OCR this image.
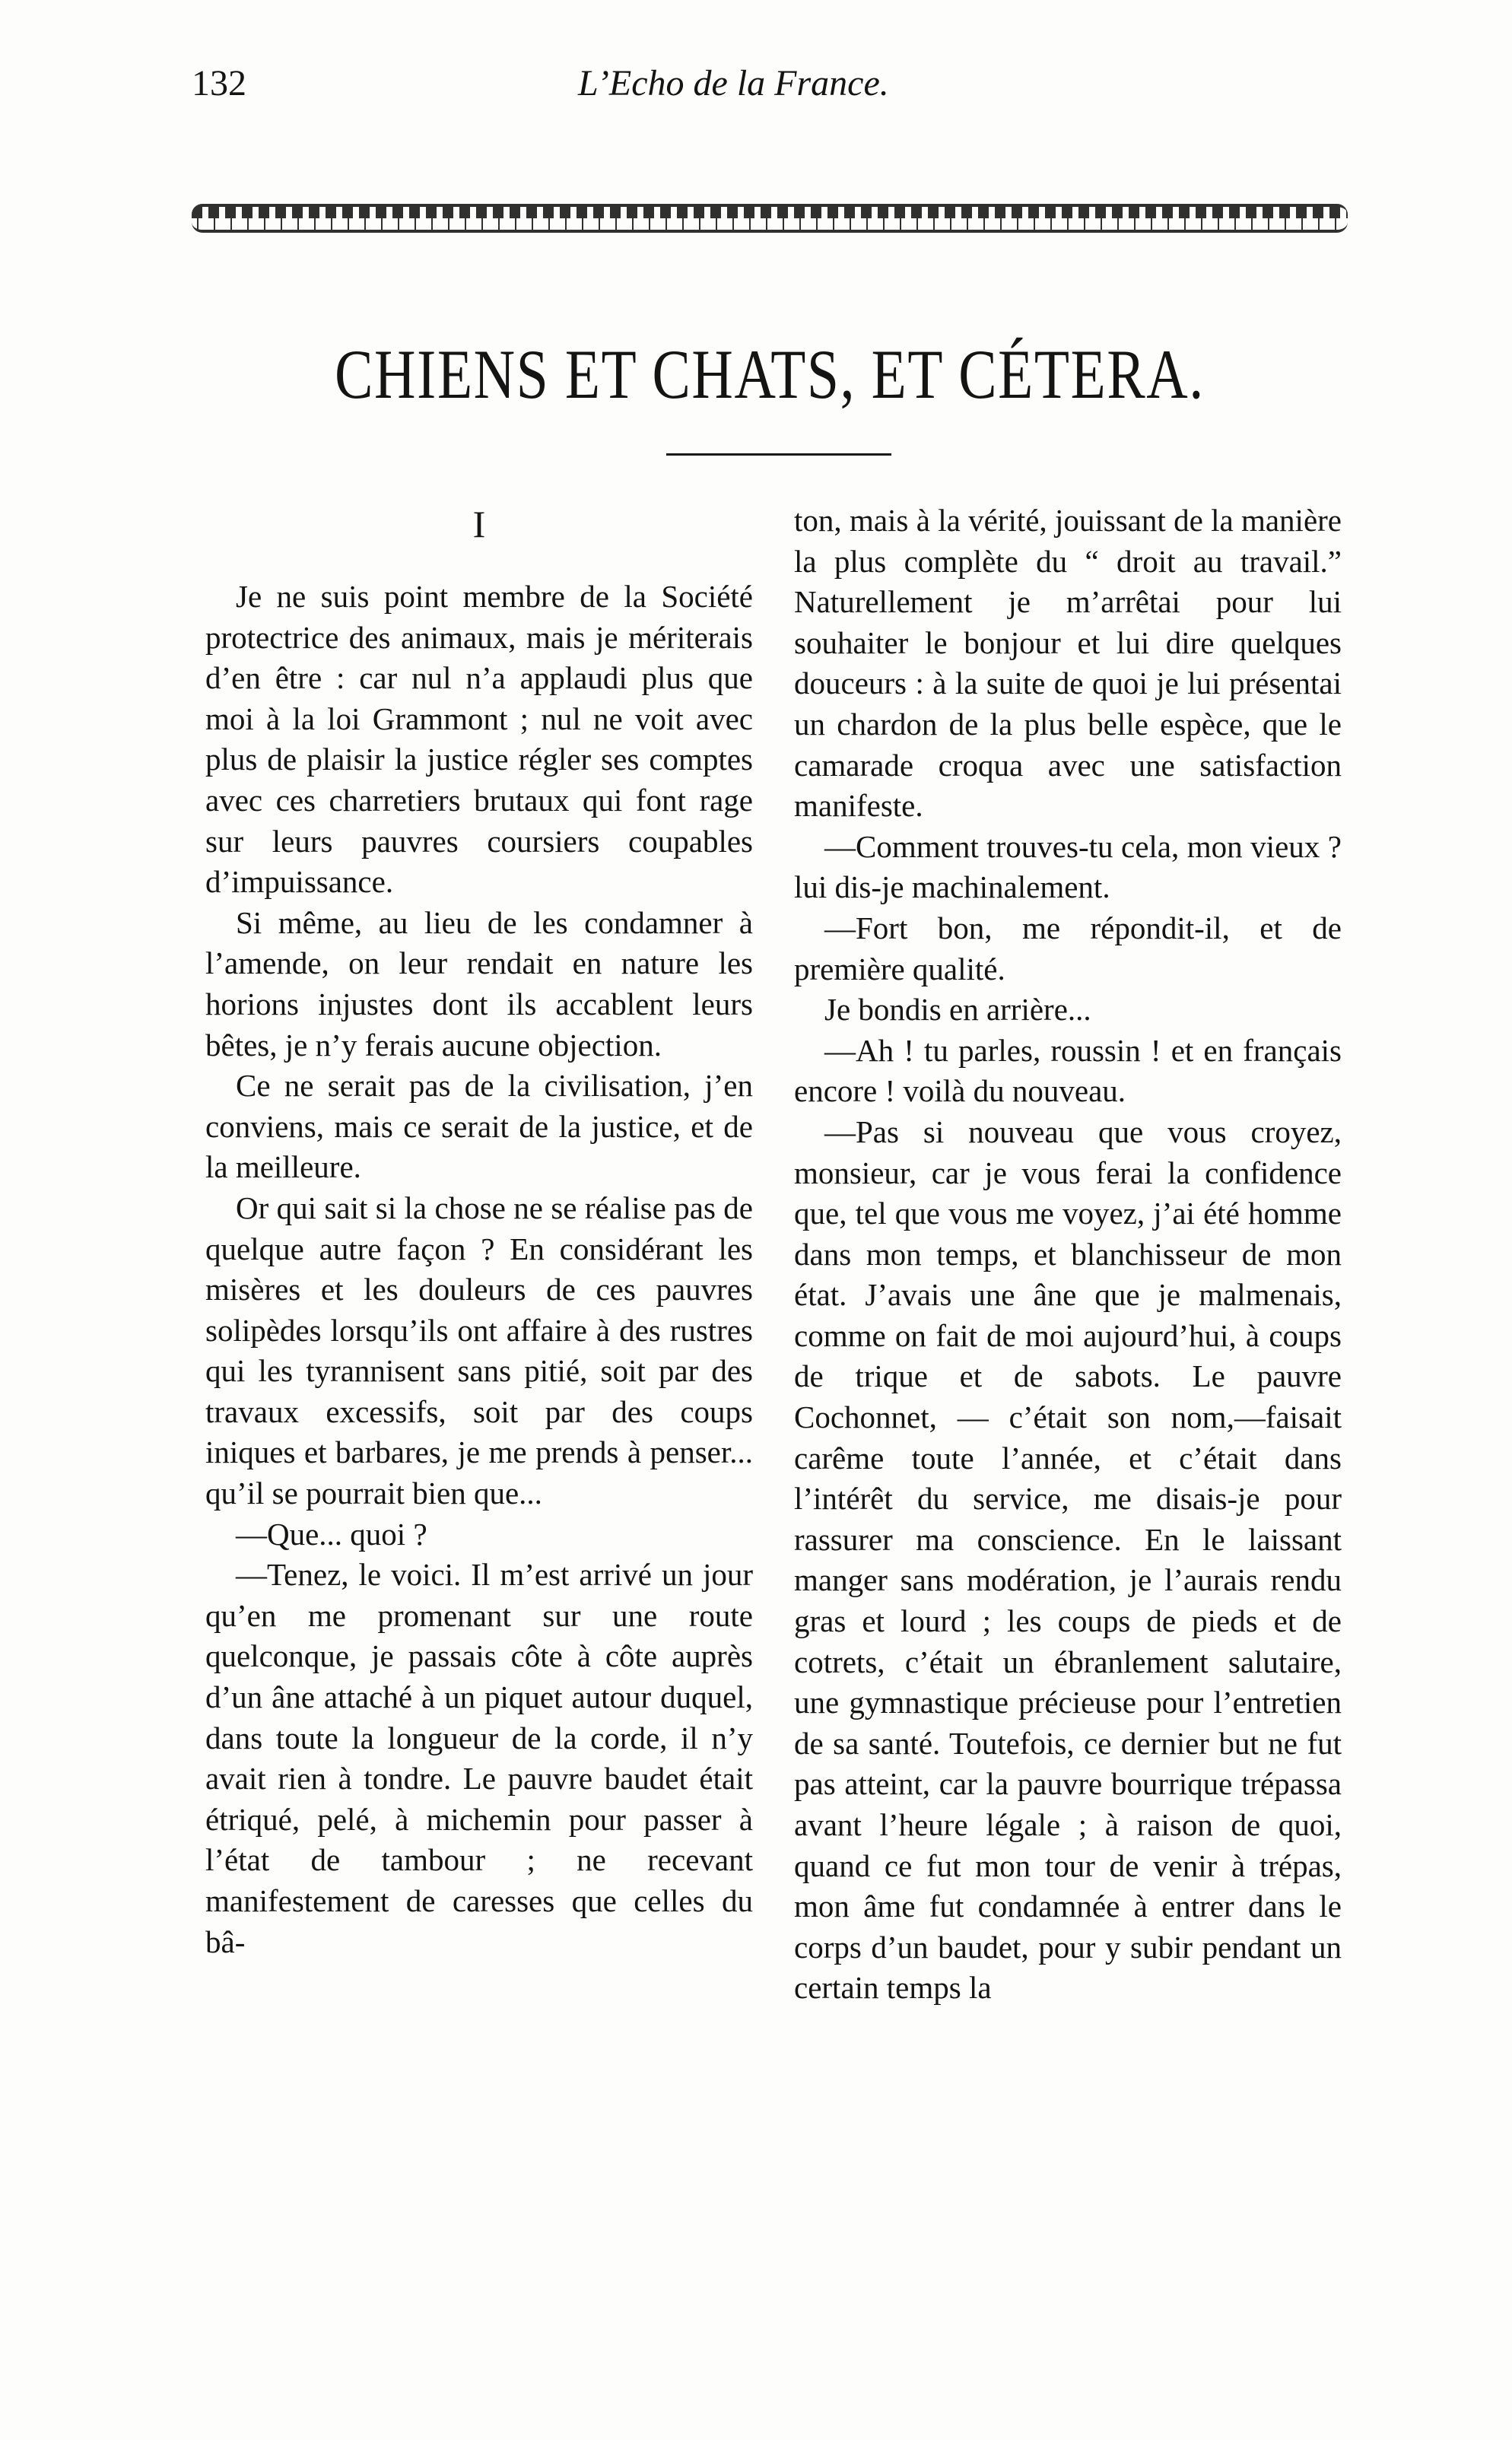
132	L’Echo de la France.
CHIENS ET CHATS, ET CÉTERA.
I

Je ne suis point membre de la Société protectrice des animaux, mais je mériterais d’en être : car nul n’a applaudi plus que moi à la loi Grammont ; nul ne voit avec plus de plaisir la justice régler ses comptes avec ces charretiers brutaux qui font rage sur leurs pauvres coursiers coupables d’impuissance.

Si même, au lieu de les condamner à l’amende, on leur rendait en nature les horions injustes dont ils accablent leurs bêtes, je n’y ferais aucune objection.

Ce ne serait pas de la civilisation, j’en conviens, mais ce serait de la justice, et de la meilleure.

Or qui sait si la chose ne se réalise pas de quelque autre façon ? En considérant les misères et les douleurs de ces pauvres solipèdes lorsqu’ils ont affaire à des rustres qui les tyrannisent sans pitié, soit par des travaux excessifs, soit par des coups iniques et barbares, je me prends à penser... qu’il se pourrait bien que...

—Que... quoi ?

—Tenez, le voici. Il m’est arrivé un jour qu’en me promenant sur une route quelconque, je passais côte à côte auprès d’un âne attaché à un piquet autour duquel, dans toute la longueur de la corde, il n’y avait rien à tondre. Le pauvre baudet était étriqué, pelé, à michemin pour passer à l’état de tambour ; ne recevant manifestement de caresses que celles du bâ-

ton, mais à la vérité, jouissant de la manière la plus complète du “ droit au travail.” Naturellement je m’arrêtai pour lui souhaiter le bonjour et lui dire quelques douceurs : à la suite de quoi je lui présentai un chardon de la plus belle espèce, que le camarade croqua avec une satisfaction manifeste.

—Comment trouves-tu cela, mon vieux ? lui dis-je machinalement.

—Fort bon, me répondit-il, et de première qualité.

Je bondis en arrière...

—Ah ! tu parles, roussin ! et en français encore ! voilà du nouveau.

—Pas si nouveau que vous croyez, monsieur, car je vous ferai la confidence que, tel que vous me voyez, j’ai été homme dans mon temps, et blanchisseur de mon état. J’avais une âne que je malmenais, comme on fait de moi aujourd’hui, à coups de trique et de sabots. Le pauvre Cochonnet, — c’était son nom,—faisait carême toute l’année, et c’était dans l’intérêt du service, me disais-je pour rassurer ma conscience. En le laissant manger sans modération, je l’aurais rendu gras et lourd ; les coups de pieds et de cotrets, c’était un ébranlement salutaire, une gymnastique précieuse pour l’entretien de sa santé. Toutefois, ce dernier but ne fut pas atteint, car la pauvre bourrique trépassa avant l’heure légale ; à raison de quoi, quand ce fut mon tour de venir à trépas, mon âme fut condamnée à entrer dans le corps d’un baudet, pour y subir pendant un certain temps la
